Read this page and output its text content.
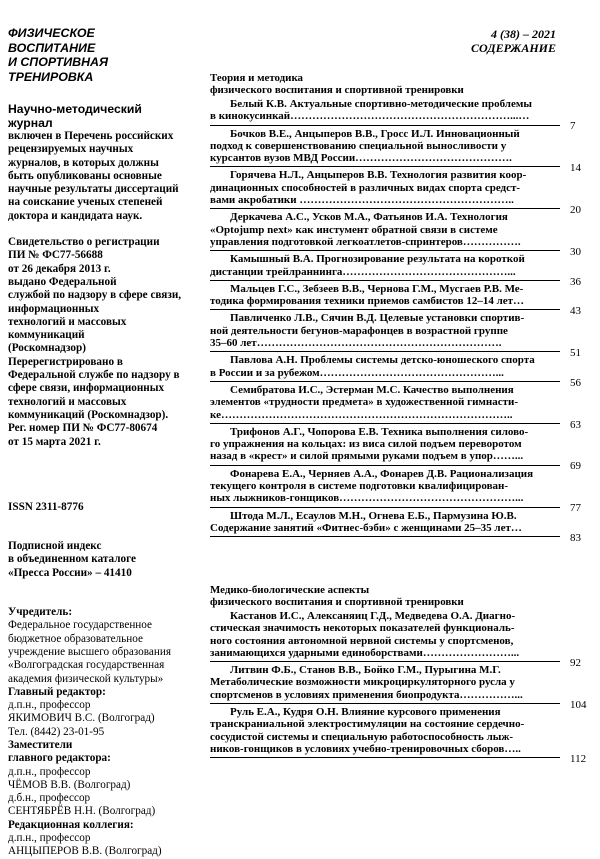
ФИЗИЧЕСКОЕ
ВОСПИТАНИЕ
И СПОРТИВНАЯ
ТРЕНИРОВКА
4 (38) – 2021
СОДЕРЖАНИЕ
Научно-методический
журнал
включен в Перечень российских
рецензируемых научных
журналов, в которых должны
быть опубликованы основные
научные результаты диссертаций
на соискание ученых степеней
доктора и кандидата наук.
Свидетельство о регистрации
ПИ № ФС77-56688
от 26 декабря 2013 г.
выдано Федеральной
службой по надзору в сфере связи,
информационных
технологий и массовых
коммуникаций
(Роскомнадзор)
Перерегистрировано в
Федеральной службе по надзору в
сфере связи, информационных
технологий и массовых
коммуникаций (Роскомнадзор).
Рег. номер ПИ № ФС77-80674
от 15 марта 2021 г.
ISSN 2311-8776
Подписной индекс
в объединенном каталоге
«Пресса России» – 41410
Учредитель:
Федеральное государственное
бюджетное образовательное
учреждение высшего образования
«Волгоградская государственная
академия физической культуры»
Главный редактор:
д.п.н., профессор
ЯКИМОВИЧ В.С. (Волгоград)
Тел. (8442) 23-01-95
Заместители
главного редактора:
д.п.н., профессор
ЧЁМОВ В.В. (Волгоград)
д.б.н., профессор
СЕНТЯБРЁВ Н.Н. (Волгоград)
Редакционная коллегия:
д.п.н., профессор
АНЦЫПЕРОВ В.В. (Волгоград)
Теория и методика
физического воспитания и спортивной тренировки
Белый К.В. Актуальные спортивно-методические проблемы
в кинокусинкай……………………………………………………...…
7
Бочков В.Е., Анцыперов В.В., Гросс И.Л. Инновационный
подход к совершенствованию специальной выносливости у
курсантов вузов МВД России…………………………………….
14
Горячева Н.Л., Анцыперов В.В. Технология развития коор-
динационных способностей в различных видах спорта средст-
вами акробатики …………………………………………………..
20
Деркачева А.С., Усков М.А., Фатьянов И.А. Технология
«Optojump next» как инстумент обратной связи в системе
управления подготовкой легкоатлетов-спринтеров…………….
30
Камышный В.А. Прогнозирование результата на короткой
дистанции трейлраннинга………………………………………...
36
Мальцев Г.С., Зебзеев В.В., Чернова Г.М., Мусгаев Р.В. Ме-
тодика формирования техники приемов самбистов 12–14 лет…
43
Павличенко Л.В., Сячин В.Д. Целевые установки спортив-
ной деятельности бегунов-марафонцев в возрастной группе
35–60 лет………………………………………………………….
51
Павлова А.Н. Проблемы системы детско-юношеского спорта
в России и за рубежом…………………………………………...
56
Семибратова И.С., Эстерман М.С. Качество выполнения
элементов «трудности предмета» в художественной гимнасти-
ке……………………………………………………………………..
63
Трифонов А.Г., Чопорова Е.В. Техника выполнения силово-
го упражнения на кольцах: из виса силой подъем переворотом
назад в «крест» и силой прямыми руками подъем в упор……...
69
Фонарева Е.А., Черняев А.А., Фонарев Д.В. Рационализация
текущего контроля в системе подготовки квалифицирован-
ных лыжников-гонщиков…………………………………………...
77
Штода М.Л., Есаулов М.Н., Огнева Е.Б., Пармузина Ю.В.
Содержание занятий «Фитнес-бэби» с женщинами 25–35 лет…
83
Медико-биологические аспекты
физического воспитания и спортивной тренировки
Кастанов И.С., Алексаняиц Г.Д., Медведева О.А. Диагно-
стическая значимость некоторых показателей функциональ-
ного состояния автономной нервной системы у спортсменов,
занимающихся ударными единоборствами……………………...
92
Литвин Ф.Б., Станов В.В., Бойко Г.М., Пурыгина М.Г.
Метаболические возможности микроциркуляторного русла у
спортсменов в условиях применения биопродукта……………...
104
Руль Е.А., Кудря О.Н. Влияние курсового применения
транскраниальной электростимуляции на состояние сердечно-
сосудистой системы и специальную работоспособность лыж-
ников-гонщиков в условиях учебно-тренировочных сборов…..
112
